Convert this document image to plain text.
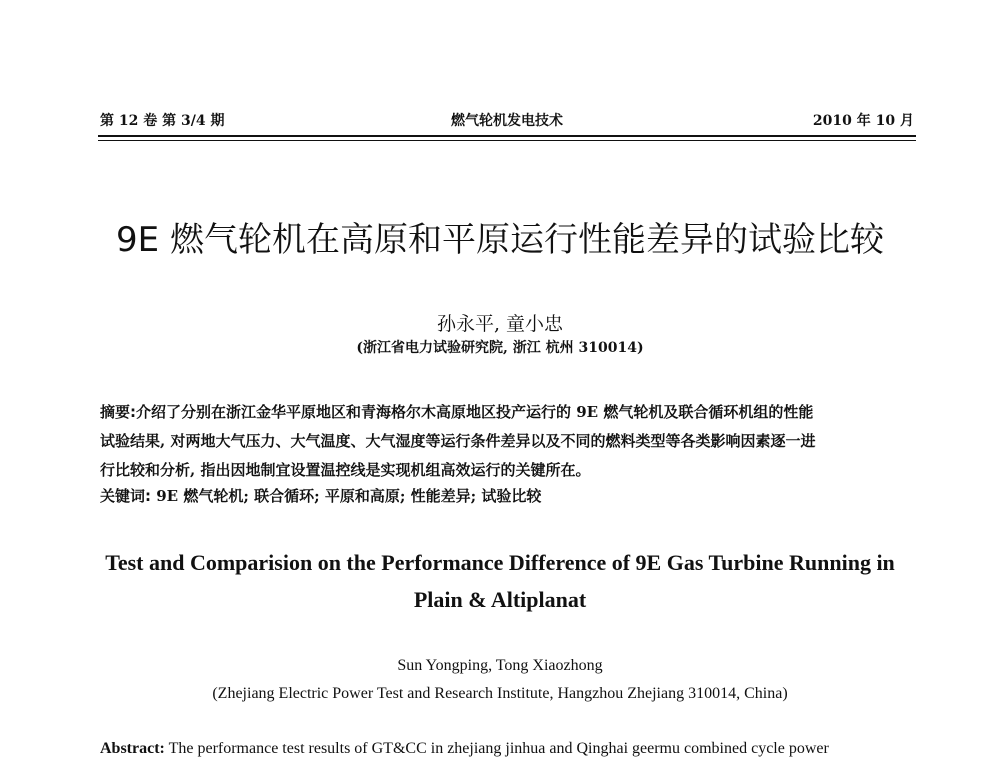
第 12 卷 第 3/4 期	燃气轮机发电技术	2010 年 10 月
9E 燃气轮机在高原和平原运行性能差异的试验比较
孙永平, 童小忠
(浙江省电力试验研究院, 浙江 杭州 310014)
摘要:介绍了分别在浙江金华平原地区和青海格尔木高原地区投产运行的 9E 燃气轮机及联合循环机组的性能
试验结果, 对两地大气压力、大气温度、大气湿度等运行条件差异以及不同的燃料类型等各类影响因素逐一进
行比较和分析, 指出因地制宜设置温控线是实现机组高效运行的关键所在。
关键词: 9E 燃气轮机; 联合循环; 平原和高原; 性能差异; 试验比较
Test and Comparision on the Performance Difference of 9E Gas Turbine Running in
Plain & Altiplanat
Sun Yongping, Tong Xiaozhong
(Zhejiang Electric Power Test and Research Institute, Hangzhou Zhejiang 310014, China)
Abstract: The performance test results of GT&CC in zhejiang jinhua and Qinghai geermu combined cycle power
